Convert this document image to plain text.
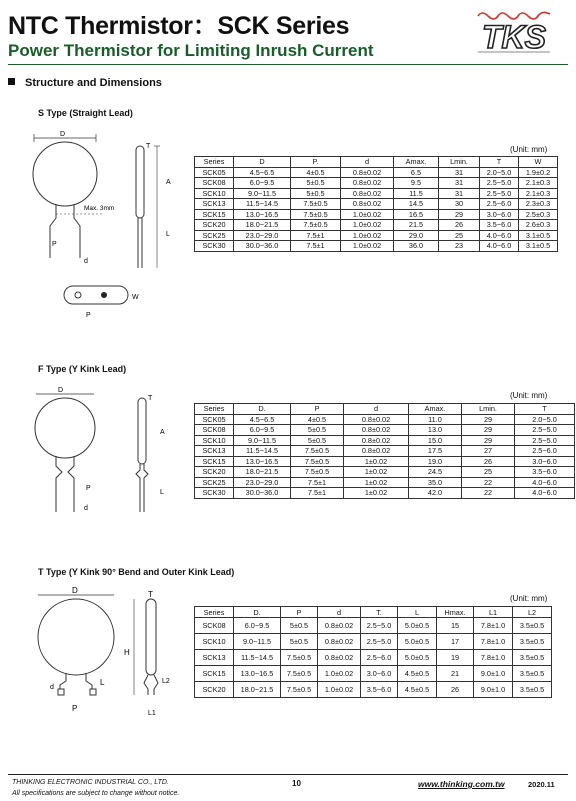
NTC Thermistor：SCK Series
Power Thermistor for Limiting Inrush Current	TKS
Structure and Dimensions
S Type (Straight Lead)
D
Max. 3mm
P
d
T
A
L
W
P
(Unit: mm)
Series	D	P.	d	Amax.	Lmin.	T	W
SCK05	4.5~6.5	4±0.5	0.8±0.02	6.5	31	2.0~5.0	1.9±0.2
SCK08	6.0~9.5	5±0.5	0.8±0.02	9.5	31	2.5~5.0	2.1±0.3
SCK10	9.0~11.5	5±0.5	0.8±0.02	11.5	31	2.5~5.0	2.1±0.3
SCK13	11.5~14.5	7.5±0.5	0.8±0.02	14.5	30	2.5~6.0	2.3±0.3
SCK15	13.0~16.5	7.5±0.5	1.0±0.02	16.5	29	3.0~6.0	2.5±0.3
SCK20	18.0~21.5	7.5±0.5	1.0±0.02	21.5	26	3.5~6.0	2.6±0.3
SCK25	23.0~29.0	7.5±1	1.0±0.02	29.0	25	4.0~6.0	3.1±0.5
SCK30	30.0~36.0	7.5±1	1.0±0.02	36.0	23	4.0~6.0	3.1±0.5
F Type (Y Kink Lead)
D
P
d
T
A
L
(Unit: mm)
Series	D.	P	d	Amax.	Lmin.	T
SCK05	4.5~6.5	4±0.5	0.8±0.02	11.0	29	2.0~5.0
SCK08	6.0~9.5	5±0.5	0.8±0.02	13.0	29	2.5~5.0
SCK10	9.0~11.5	5±0.5	0.8±0.02	15.0	29	2.5~5.0
SCK13	11.5~14.5	7.5±0.5	0.8±0.02	17.5	27	2.5~6.0
SCK15	13.0~16.5	7.5±0.5	1±0.02	19.0	26	3.0~6.0
SCK20	18.0~21.5	7.5±0.5	1±0.02	24.5	25	3.5~6.0
SCK25	23.0~29.0	7.5±1	1±0.02	35.0	22	4.0~6.0
SCK30	30.0~36.0	7.5±1	1±0.02	42.0	22	4.0~6.0
T Type (Y Kink 90° Bend and Outer Kink Lead)
D
d
P
L
T
H
L2
L1
(Unit: mm)
Series	D.	P	d	T.	L	Hmax.	L1	L2
SCK08	6.0~9.5	5±0.5	0.8±0.02	2.5~5.0	5.0±0.5	15	7.8±1.0	3.5±0.5
SCK10	9.0~11.5	5±0.5	0.8±0.02	2.5~5.0	5.0±0.5	17	7.8±1.0	3.5±0.5
SCK13	11.5~14.5	7.5±0.5	0.8±0.02	2.5~6.0	5.0±0.5	19	7.8±1.0	3.5±0.5
SCK15	13.0~16.5	7.5±0.5	1.0±0.02	3.0~6.0	4.5±0.5	21	9.0±1.0	3.5±0.5
SCK20	18.0~21.5	7.5±0.5	1.0±0.02	3.5~6.0	4.5±0.5	26	9.0±1.0	3.5±0.5
THINKING ELECTRONIC INDUSTRIAL CO., LTD.
All specifications are subject to change without notice.
10	www.thinking.com.tw	2020.11
